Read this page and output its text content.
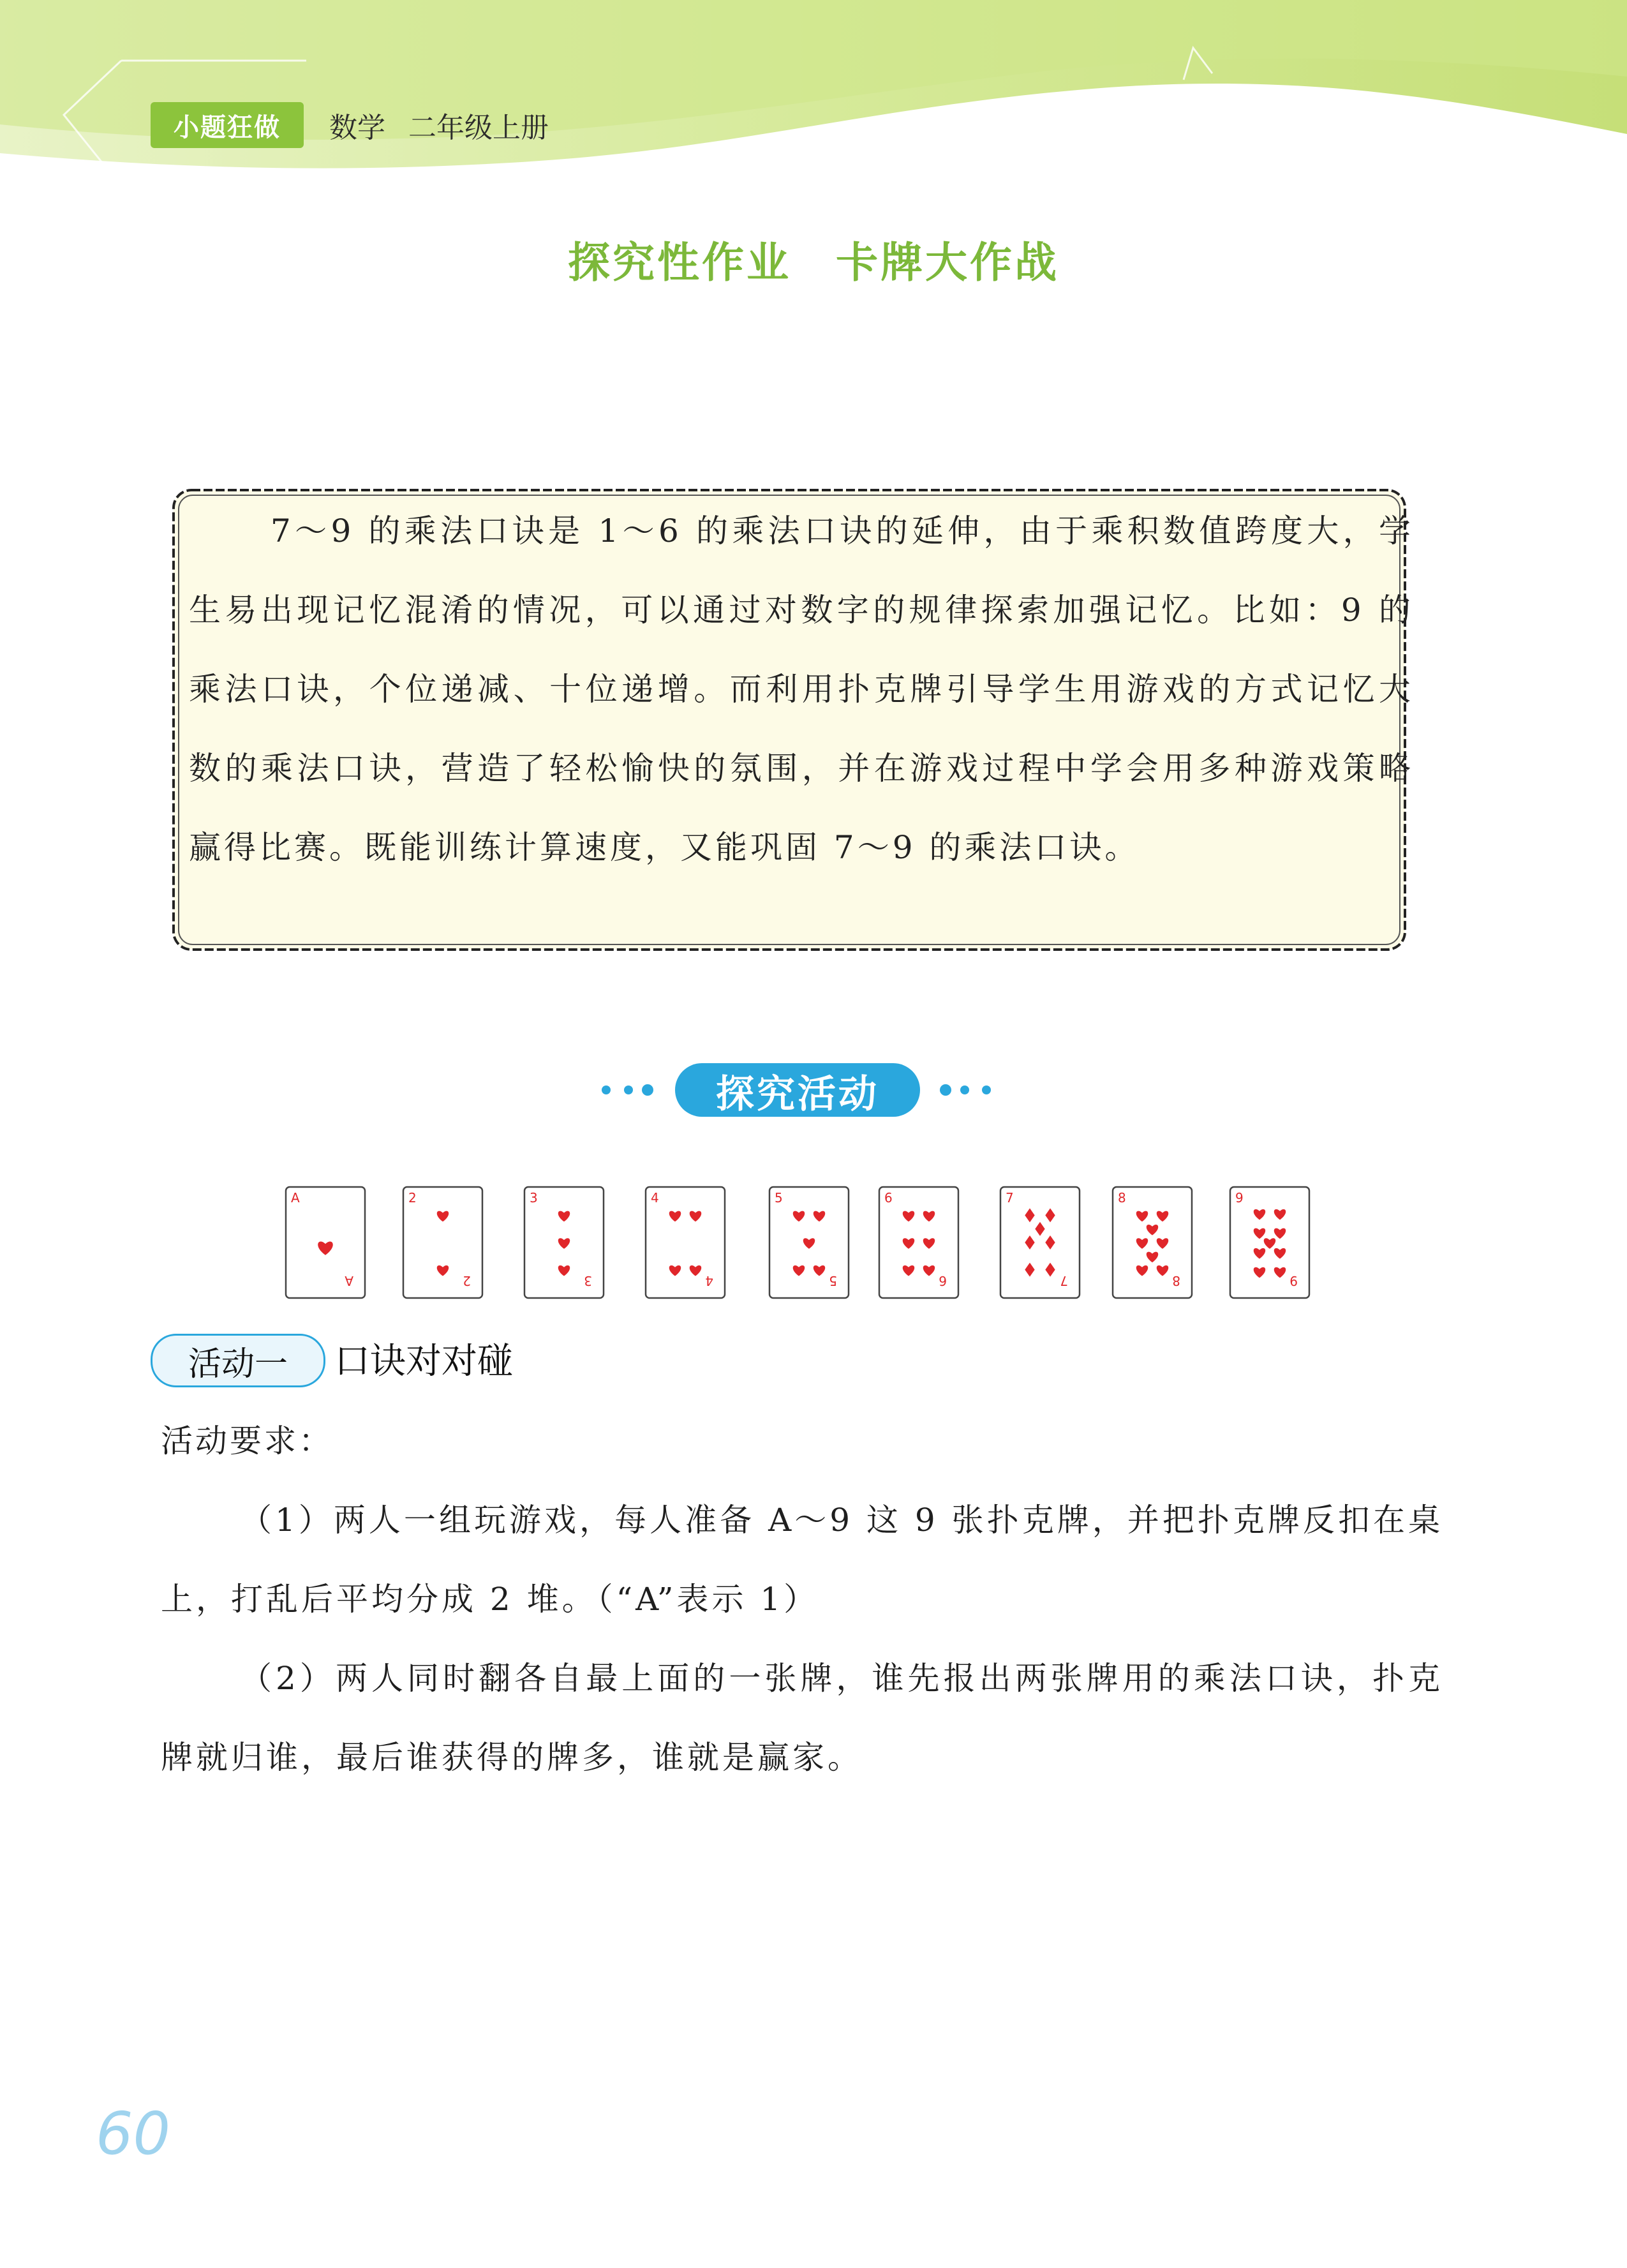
小题狂做	数学 二年级上册
探究性作业 卡牌大作战
7～9 的乘法口诀是 1～6 的乘法口诀的延伸，由于乘积数值跨度大，学生易出现记忆混淆的情况，可以通过对数字的规律探索加强记忆。比如：9 的乘法口诀，个位递减、十位递增。而利用扑克牌引导学生用游戏的方式记忆大数的乘法口诀，营造了轻松愉快的氛围，并在游戏过程中学会用多种游戏策略赢得比赛。既能训练计算速度，又能巩固 7～9 的乘法口诀。
探究活动
A
A
2
2
3
3
4
4
5
5
6
6
7
7
8
8
9
9
活动一	口诀对对碰
活动要求：
（1）两人一组玩游戏，每人准备 A～9 这 9 张扑克牌，并把扑克牌反扣在桌上，打乱后平均分成 2 堆。（“A”表示 1）
（2）两人同时翻各自最上面的一张牌，谁先报出两张牌用的乘法口诀，扑克牌就归谁，最后谁获得的牌多，谁就是赢家。
60
